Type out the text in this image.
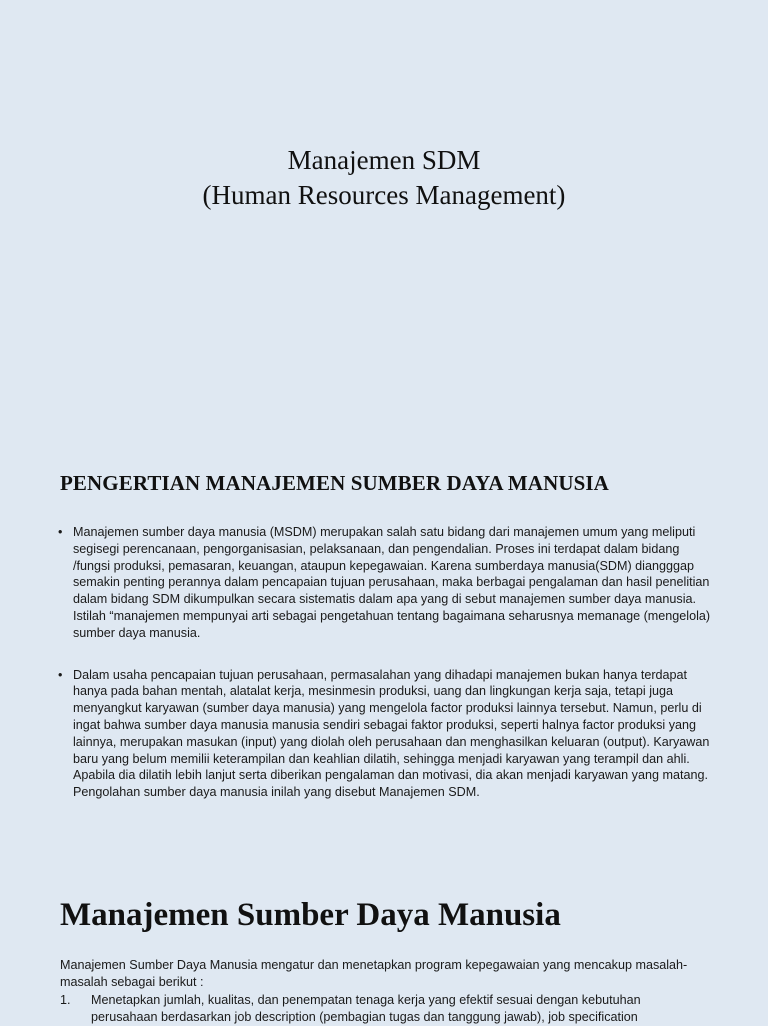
Manajemen SDM
(Human Resources Management)
PENGERTIAN MANAJEMEN SUMBER DAYA MANUSIA
• Manajemen sumber daya manusia (MSDM) merupakan salah satu bidang dari manajemen umum yang meliputi segisegi perencanaan, pengorganisasian, pelaksanaan, dan pengendalian. Proses ini terdapat dalam bidang /fungsi produksi, pemasaran, keuangan, ataupun kepegawaian. Karena sumberdaya manusia(SDM) diangggap semakin penting perannya dalam pencapaian tujuan perusahaan, maka berbagai pengalaman dan hasil penelitian dalam bidang SDM dikumpulkan secara sistematis dalam apa yang di sebut manajemen sumber daya manusia. Istilah “manajemen mempunyai arti sebagai pengetahuan tentang bagaimana seharusnya memanage (mengelola) sumber daya manusia.
• Dalam usaha pencapaian tujuan perusahaan, permasalahan yang dihadapi manajemen bukan hanya terdapat hanya pada bahan mentah, alatalat kerja, mesinmesin produksi, uang dan lingkungan kerja saja, tetapi juga menyangkut karyawan (sumber daya manusia) yang mengelola factor produksi lainnya tersebut. Namun, perlu di ingat bahwa sumber daya manusia manusia sendiri sebagai faktor produksi, seperti halnya factor produksi yang lainnya, merupakan masukan (input) yang diolah oleh perusahaan dan menghasilkan keluaran (output). Karyawan baru yang belum memilii keterampilan dan keahlian dilatih, sehingga menjadi karyawan yang terampil dan ahli. Apabila dia dilatih lebih lanjut serta diberikan pengalaman dan motivasi, dia akan menjadi karyawan yang matang. Pengolahan sumber daya manusia inilah yang disebut Manajemen SDM.
Manajemen Sumber Daya Manusia

Manajemen Sumber Daya Manusia mengatur dan menetapkan program kepegawaian yang mencakup masalah-masalah sebagai berikut :

1. Menetapkan jumlah, kualitas, dan penempatan tenaga kerja yang efektif sesuai dengan kebutuhan perusahaan berdasarkan job description (pembagian tugas dan tanggung jawab), job specification
